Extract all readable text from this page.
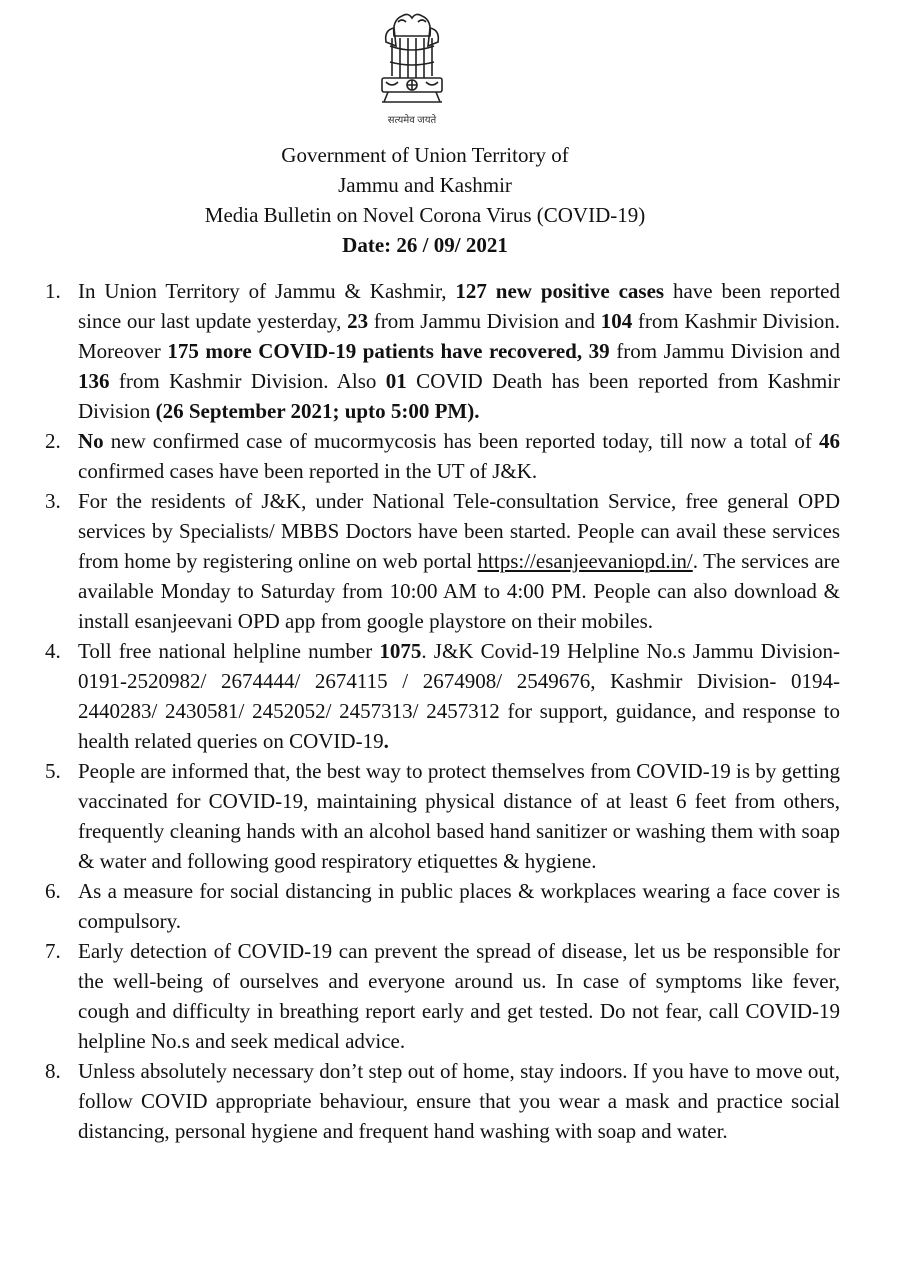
सत्यमेव जयते
Government of Union Territory of
Jammu and Kashmir
Media Bulletin on Novel Corona Virus (COVID-19)
Date: 26 / 09/ 2021
1. In Union Territory of Jammu & Kashmir, 127 new positive cases have been reported since our last update yesterday, 23 from Jammu Division and 104 from Kashmir Division. Moreover 175 more COVID-19 patients have recovered, 39 from Jammu Division and 136 from Kashmir Division. Also 01 COVID Death has been reported from Kashmir Division (26 September 2021; upto 5:00 PM).
2. No new confirmed case of mucormycosis has been reported today, till now a total of 46 confirmed cases have been reported in the UT of J&K.
3. For the residents of J&K, under National Tele-consultation Service, free general OPD services by Specialists/ MBBS Doctors have been started. People can avail these services from home by registering online on web portal https://esanjeevaniopd.in/. The services are available Monday to Saturday from 10:00 AM to 4:00 PM. People can also download & install esanjeevani OPD app from google playstore on their mobiles.
4. Toll free national helpline number 1075. J&K Covid-19 Helpline No.s Jammu Division- 0191-2520982/ 2674444/ 2674115 / 2674908/ 2549676, Kashmir Division- 0194-2440283/ 2430581/ 2452052/ 2457313/ 2457312 for support, guidance, and response to health related queries on COVID-19.
5. People are informed that, the best way to protect themselves from COVID-19 is by getting vaccinated for COVID-19, maintaining physical distance of at least 6 feet from others, frequently cleaning hands with an alcohol based hand sanitizer or washing them with soap & water and following good respiratory etiquettes & hygiene.
6. As a measure for social distancing in public places & workplaces wearing a face cover is compulsory.
7. Early detection of COVID-19 can prevent the spread of disease, let us be responsible for the well-being of ourselves and everyone around us. In case of symptoms like fever, cough and difficulty in breathing report early and get tested. Do not fear, call COVID-19 helpline No.s and seek medical advice.
8. Unless absolutely necessary don’t step out of home, stay indoors. If you have to move out, follow COVID appropriate behaviour, ensure that you wear a mask and practice social distancing, personal hygiene and frequent hand washing with soap and water.
